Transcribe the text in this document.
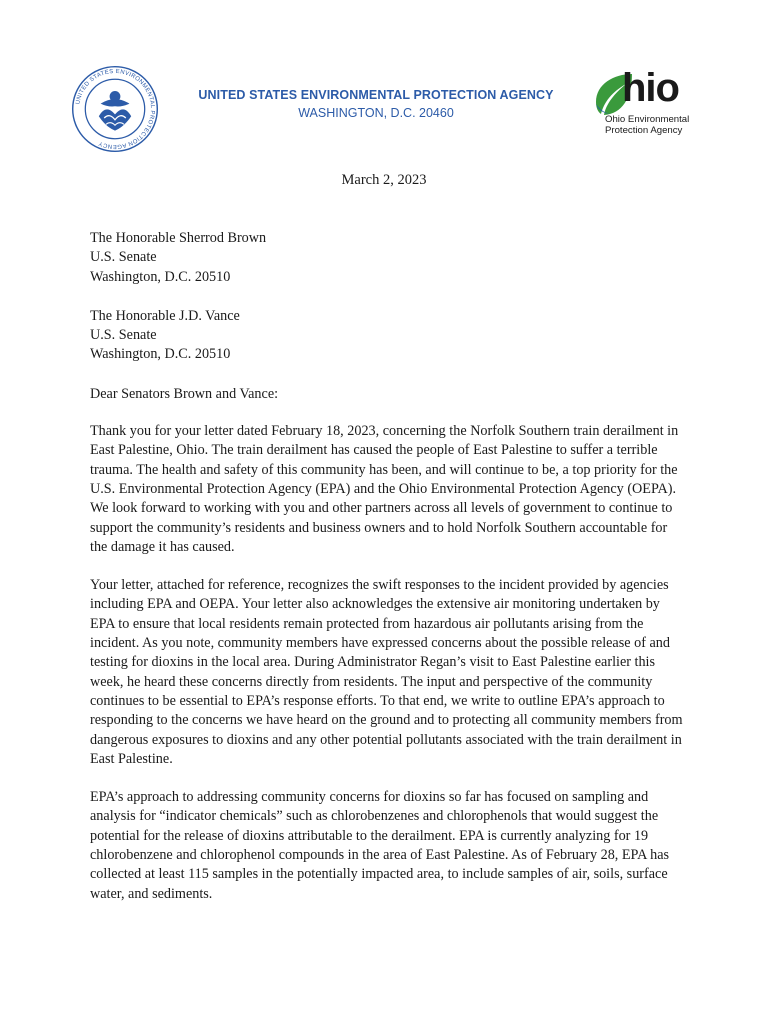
UNITED STATES ENVIRONMENTAL PROTECTION AGENCY
UNITED STATES ENVIRONMENTAL PROTECTION AGENCY
WASHINGTON, D.C. 20460
hio
Ohio Environmental
Protection Agency
March 2, 2023
The Honorable Sherrod Brown
U.S. Senate
Washington, D.C. 20510
The Honorable J.D. Vance
U.S. Senate
Washington, D.C. 20510
Dear Senators Brown and Vance:

Thank you for your letter dated February 18, 2023, concerning the Norfolk Southern train derailment in East Palestine, Ohio. The train derailment has caused the people of East Palestine to suffer a terrible trauma. The health and safety of this community has been, and will continue to be, a top priority for the U.S. Environmental Protection Agency (EPA) and the Ohio Environmental Protection Agency (OEPA). We look forward to working with you and other partners across all levels of government to continue to support the community’s residents and business owners and to hold Norfolk Southern accountable for the damage it has caused.

Your letter, attached for reference, recognizes the swift responses to the incident provided by agencies including EPA and OEPA. Your letter also acknowledges the extensive air monitoring undertaken by EPA to ensure that local residents remain protected from hazardous air pollutants arising from the incident. As you note, community members have expressed concerns about the possible release of and testing for dioxins in the local area. During Administrator Regan’s visit to East Palestine earlier this week, he heard these concerns directly from residents. The input and perspective of the community continues to be essential to EPA’s response efforts. To that end, we write to outline EPA’s approach to responding to the concerns we have heard on the ground and to protecting all community members from dangerous exposures to dioxins and any other potential pollutants associated with the train derailment in East Palestine.

EPA’s approach to addressing community concerns for dioxins so far has focused on sampling and analysis for “indicator chemicals” such as chlorobenzenes and chlorophenols that would suggest the potential for the release of dioxins attributable to the derailment. EPA is currently analyzing for 19 chlorobenzene and chlorophenol compounds in the area of East Palestine. As of February 28, EPA has collected at least 115 samples in the potentially impacted area, to include samples of air, soils, surface water, and sediments.
